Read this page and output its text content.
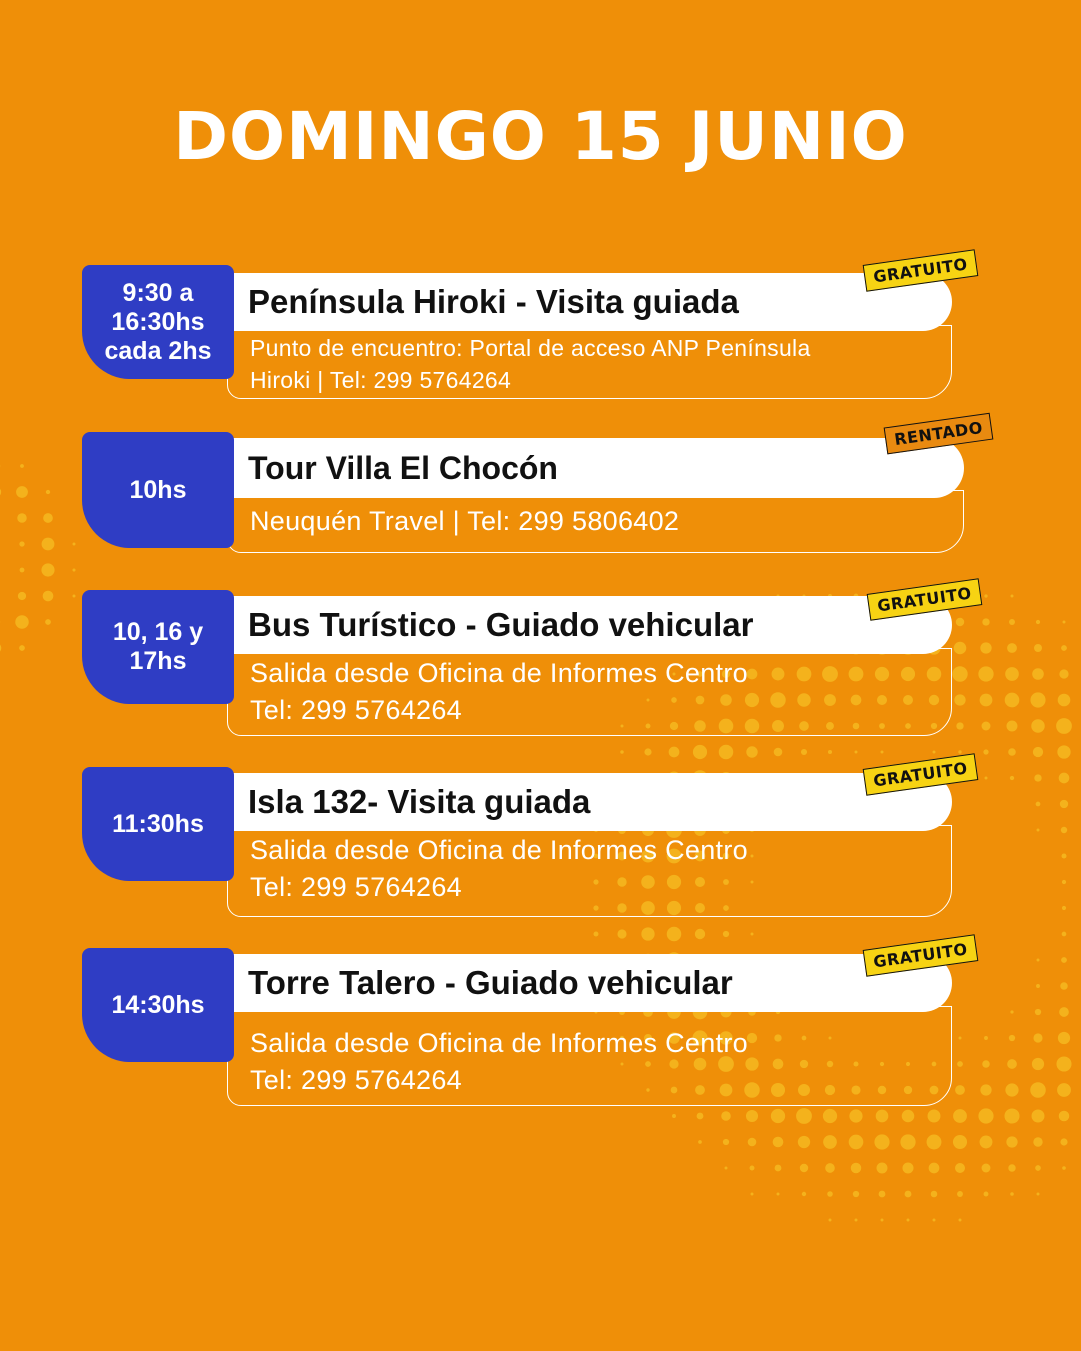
DOMINGO 15 JUNIO
9:30 a
16:30hs
cada 2hs
Península Hiroki - Visita guiada
Punto de encuentro: Portal de acceso ANP Península
Hiroki | Tel: 299 5764264
GRATUITO
10hs
Tour Villa El Chocón
Neuquén Travel | Tel: 299 5806402
RENTADO
10, 16 y
17hs
Bus Turístico - Guiado vehicular
Salida desde Oficina de Informes Centro
Tel: 299 5764264
GRATUITO
11:30hs
Isla 132- Visita guiada
Salida desde Oficina de Informes Centro
Tel: 299 5764264
GRATUITO
14:30hs
Torre Talero - Guiado vehicular
Salida desde Oficina de Informes Centro
Tel: 299 5764264
GRATUITO
